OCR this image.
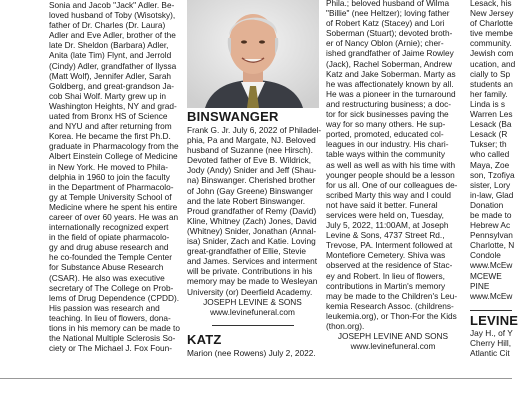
Sonia and Jacob "Jack" Adler. Be-
loved husband of Toby (Wisotsky),
father of Dr. Charles (Dr. Laura)
Adler and Eve Adler, brother of the
late Dr. Sheldon (Barbara) Adler,
Anita (late Tim) Flynt, and Jerrold
(Cindy) Adler, grandfather of Ilyssa
(Matt Wolf), Jennifer Adler, Sarah
Goldberg, and great-grandson Ja-
cob Shai Wolf. Marty grew up in
Washington Heights, NY and grad-
uated from Bronx HS of Science
and NYU and after returning from
Korea. He became the first Ph.D.
graduate in Pharmacology from the
Albert Einstein College of Medicine
in New York. He moved to Phila-
delphia in 1960 to join the faculty
in the Department of Pharmacolo-
gy at Temple University School of
Medicine where he spent his entire
career of over 60 years. He was an
internationally recognized expert
in the field of opiate pharmacolo-
gy and drug abuse research and
he co-founded the Temple Center
for Substance Abuse Research
(CSAR). He also was executive
secretary of The College on Prob-
lems of Drug Dependence (CPDD).
His passion was research and
teaching. In lieu of flowers, dona-
tions in his memory can be made to
the National Multiple Sclerosis So-
ciety or The Michael J. Fox Foun-
BINSWANGER
Frank G. Jr. July 6, 2022 of Philadel-
phia, Pa and Margate, NJ. Beloved
husband of Suzanne (nee Hirsch).
Devoted father of Eve B. Wildrick,
Jody (Andy) Snider and Jeff (Shau-
na) Binswanger. Cherished brother
of John (Gay Greene) Binswanger
and the late Robert Binswanger.
Proud grandfather of Remy (David)
Kline, Whitney (Zach) Jones, David
(Whitney) Snider, Jonathan (Annal-
isa) Snider, Zach and Katie. Loving
great-grandfather of Ellie, Stevie
and James. Services and interment
will be private. Contributions in his
memory may be made to Wesleyan
University (or) Deerfield Academy.
JOSEPH LEVINE & SONS
www.levinefuneral.com
KATZ
Marion (nee Rowens) July 2, 2022.
Phila.; beloved husband of Wilma
"Billie" (nee Heltzer); loving father
of Robert Katz (Stacey) and Lori
Soberman (Stuart); devoted broth-
er of Nancy Oblon (Arnie); cher-
ished grandfather of Jaime Rowley
(Jack), Rachel Soberman, Andrew
Katz and Jake Soberman. Marty as
he was affectionately known by all.
He was a pioneer in the turnaround
and restructuring business; a doc-
tor for sick businesses paving the
way for so many others. He sup-
ported, promoted, educated col-
leagues in our industry. His chari-
table ways within the community
as well as well as with his time with
younger people should be a lesson
for us all. One of our colleagues de-
scribed Marty this way and I could
not have said it better. Funeral
services were held on, Tuesday,
July 5, 2022, 11:00AM, at Joseph
Levine & Sons, 4737 Street Rd.,
Trevose, PA. Interment followed at
Montefiore Cemetery. Shiva was
observed at the residence of Stac-
ey and Robert. In lieu of flowers,
contributions in Martin's memory
may be made to the Children's Leu-
kemia Research Assoc. (childrens-
leukemia.org), or Thon-For the Kids
(thon.org).
JOSEPH LEVINE AND SONS
www.levinefuneral.com
Lesack, his
New Jersey
of Charlotte
tive membe
community.
Jewish com
ucation, and
cially to Sp
students an
her family.
Linda is s
Warren Les
Lesack (Ba
Lesack (R
Tukser; th
who called
Maya, Zoe
son, Tzofiya
sister, Lory
in-law, Glad
Donation
be made to
Hebrew Ac
Pennsylvan
Charlotte, N
Condole
www.McEw
MCEWE
PINE
www.McEw
LEVINE
Jay H., of Y
Cherry Hill,
Atlantic Cit
